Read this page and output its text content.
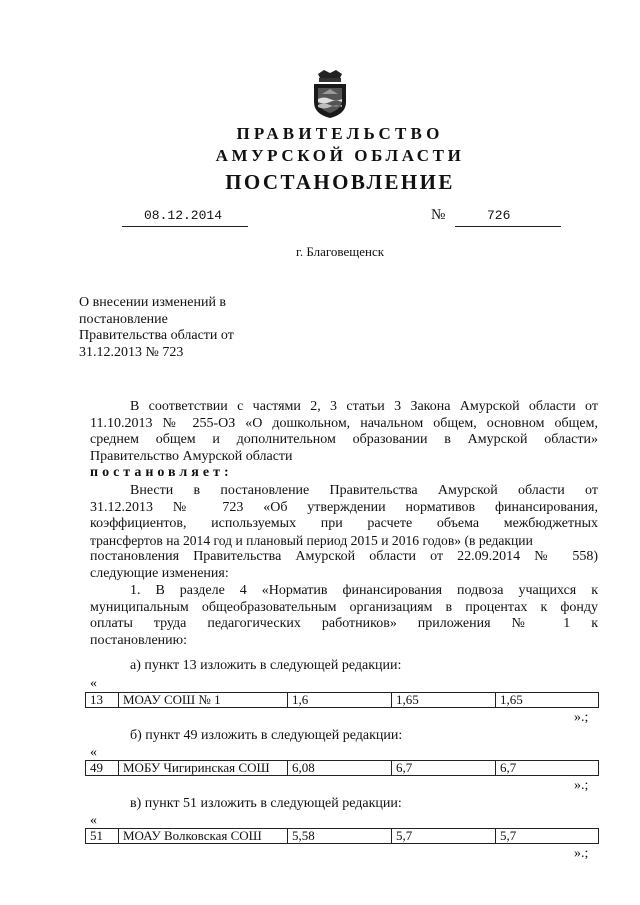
ПРАВИТЕЛЬСТВО
АМУРСКОЙ ОБЛАСТИ
ПОСТАНОВЛЕНИЕ
08.12.2014	№	726
г. Благовещенск
О внесении изменений в
постановление
Правительства области от
31.12.2013 № 723
В соответствии с частями 2, 3 статьи 3 Закона Амурской области от
11.10.2013 № 255-ОЗ «О дошкольном, начальном общем, основном общем,
среднем общем и дополнительном образовании в Амурской области»
Правительство Амурской области
постановляет:
Внести в постановление Правительства Амурской области от
31.12.2013 № 723 «Об утверждении нормативов финансирования,
коэффициентов, используемых при расчете объема межбюджетных
трансфертов на 2014 год и плановый период 2015 и 2016 годов» (в редакции
постановления Правительства Амурской области от 22.09.2014 № 558)
следующие изменения:
1. В разделе 4 «Норматив финансирования подвоза учащихся к
муниципальным общеобразовательным организациям в процентах к фонду
оплаты труда педагогических работников» приложения № 1 к
постановлению:
а) пункт 13 изложить в следующей редакции:
«
13	МОАУ СОШ № 1	1,6	1,65	1,65
».;
б) пункт 49 изложить в следующей редакции:
«
49	МОБУ Чигиринская СОШ	6,08	6,7	6,7
».;
в) пункт 51 изложить в следующей редакции:
«
51	МОАУ Волковская СОШ	5,58	5,7	5,7
».;
